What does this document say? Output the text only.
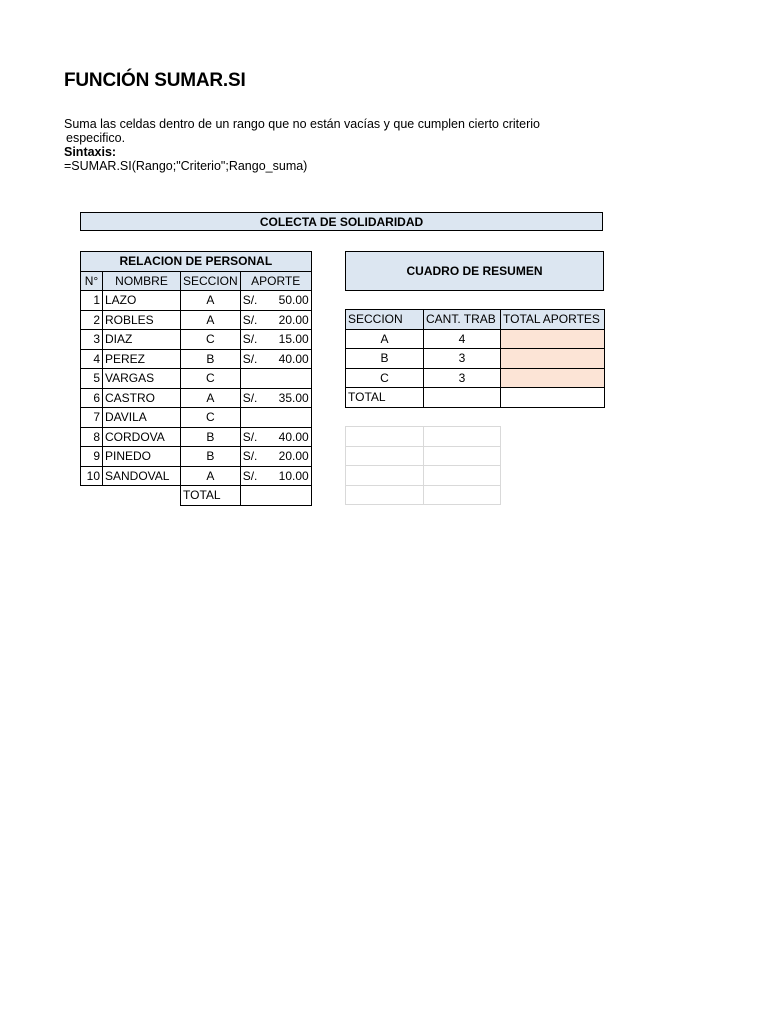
FUNCIÓN SUMAR.SI
Suma las celdas dentro de un rango que no están vacías y que cumplen cierto criterio
especifico.
Sintaxis:
=SUMAR.SI(Rango;"Criterio";Rango_suma)
COLECTA DE SOLIDARIDAD
RELACION DE PERSONAL			
N°	NOMBRE	SECCION	APORTE
1	LAZO	A	S/. 50.00

2	ROBLES	A	S/. 20.00

3	DIAZ	C	S/. 15.00

4	PEREZ	B	S/. 40.00

5	VARGAS	C	
6	CASTRO	A	S/. 35.00

7	DAVILA	C	
8	CORDOVA	B	S/. 40.00

9	PINEDO	B	S/. 20.00

10	SANDOVAL	A	S/. 10.00

		TOTAL	
CUADRO DE RESUMEN
SECCION	CANT. TRAB	TOTAL APORTES
A	4	
B	3	
C	3	
TOTAL		
